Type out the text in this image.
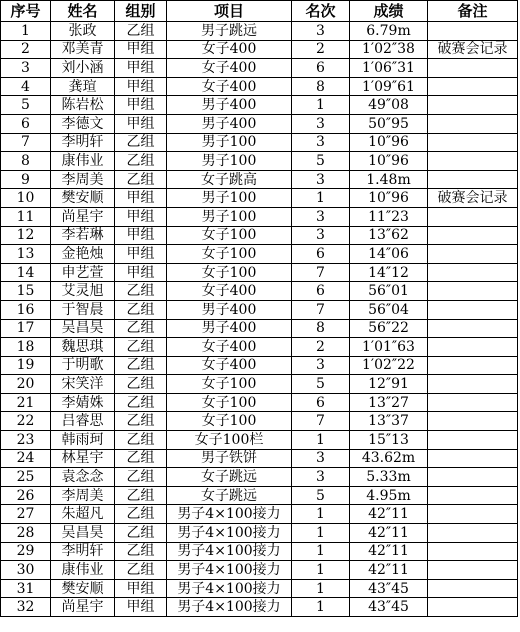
序号	姓名	组别	项目	名次	成绩	备注
1	张政	乙组	男子跳远	3	6.79m	
2	邓美青	甲组	女子400	2	1′02″38	破赛会记录
3	刘小涵	甲组	女子400	6	1′06″31	
4	龚瑄	甲组	女子400	8	1′09″61	
5	陈岩松	甲组	男子400	1	49″08	
6	李德文	甲组	男子400	3	50″95	
7	李明轩	乙组	男子100	3	10″96	
8	康伟业	乙组	男子100	5	10″96	
9	李周美	乙组	女子跳高	3	1.48m	
10	樊安顺	甲组	男子100	1	10″96	破赛会记录
11	尚星宇	甲组	男子100	3	11″23	
12	李若琳	甲组	女子100	3	13″62	
13	金艳烛	甲组	女子100	6	14″06	
14	申艺萱	甲组	女子100	7	14″12	
15	艾灵旭	乙组	女子400	6	56″01	
16	于智晨	乙组	男子400	7	56″04	
17	吴昌昊	乙组	男子400	8	56″22	
18	魏思琪	乙组	女子400	2	1′01″63	
19	于明歌	乙组	女子400	3	1′02″22	
20	宋笑洋	乙组	女子100	5	12″91	
21	李婧姝	乙组	女子100	6	13″27	
22	吕睿思	乙组	女子100	7	13″37	
23	韩雨珂	乙组	女子100栏	1	15″13	
24	林星宇	乙组	男子铁饼	3	43.62m	
25	袁念念	乙组	女子跳远	3	5.33m	
26	李周美	乙组	女子跳远	5	4.95m	
27	朱超凡	乙组	男子4×100接力	1	42″11	
28	吴昌昊	乙组	男子4×100接力	1	42″11	
29	李明轩	乙组	男子4×100接力	1	42″11	
30	康伟业	乙组	男子4×100接力	1	42″11	
31	樊安顺	甲组	男子4×100接力	1	43″45	
32	尚星宇	甲组	男子4×100接力	1	43″45	
